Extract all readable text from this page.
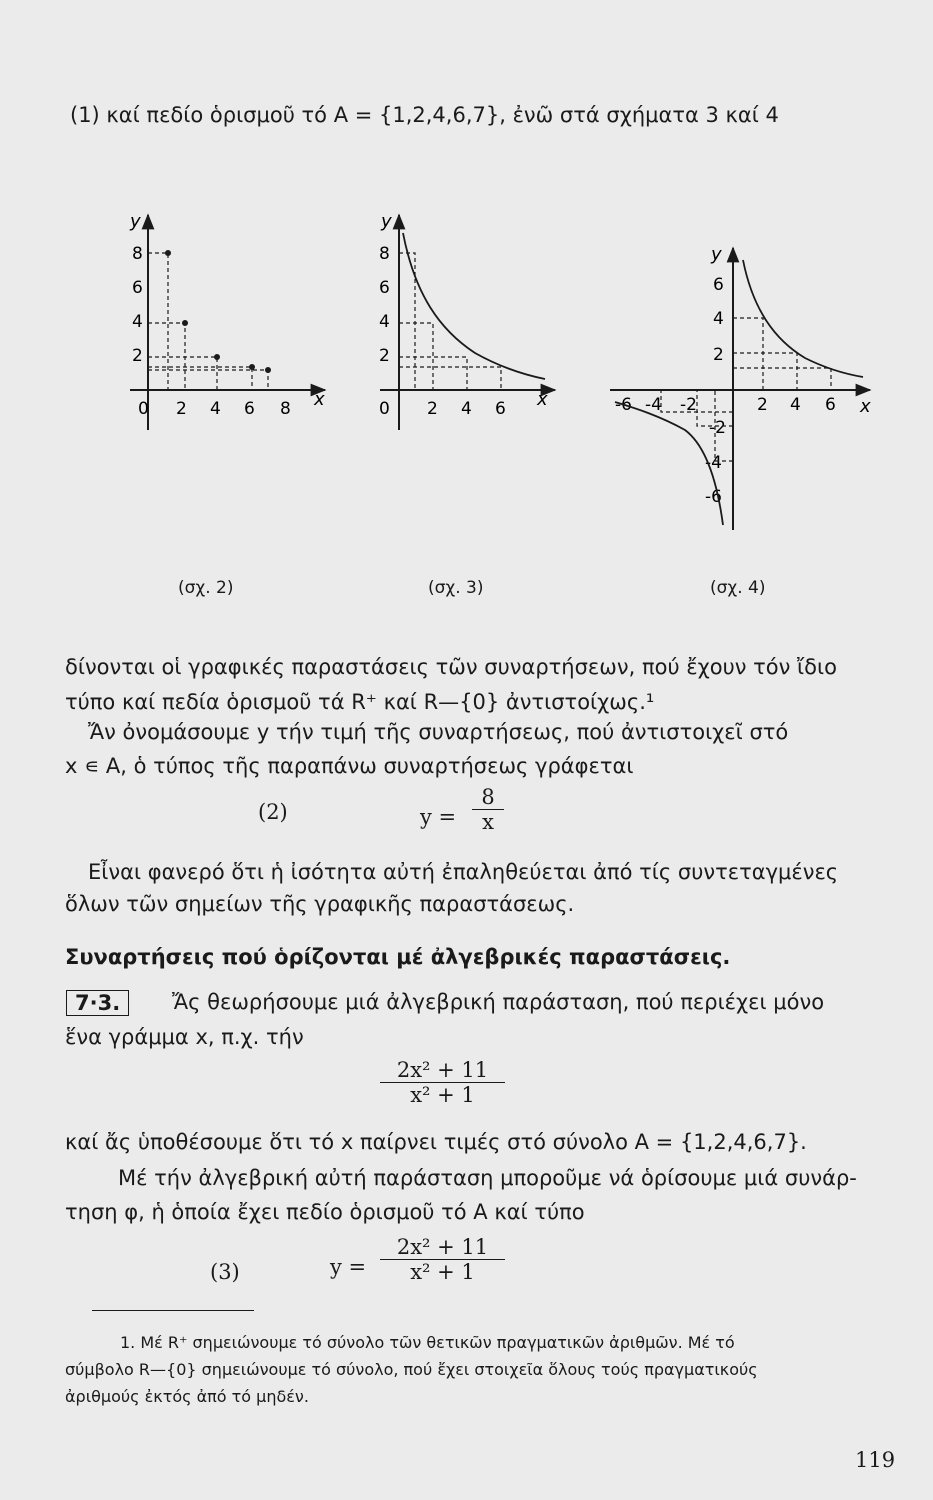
(1) καί πεδίο ὁρισμοῦ τό A = {1,2,4,6,7}, ἐνῶ στά σχήματα 3 καί 4
y
x
8
6
4
2
0 2 4 6 8
(σχ. 2)
y
x
8
6
4
2
0 2 4 6
(σχ. 3)
y
x
6
4
2
-2
-4
-6
-6 -4 -2	2 4 6
(σχ. 4)
δίνονται οἱ γραφικές παραστάσεις τῶν συναρτήσεων, πού ἔχουν τόν ἴδιο
τύπο καί πεδία ὁρισμοῦ τά R⁺ καί R—{0} ἀντιστοίχως.¹
Ἄν ὀνομάσουμε y τήν τιμή τῆς συναρτήσεως, πού ἀντιστοιχεῖ στό
x ∊ A, ὁ τύπος τῆς παραπάνω συναρτήσεως γράφεται
(2)	$y = \frac{8}{x}$
Εἶναι φανερό ὅτι ἡ ἰσότητα αὐτή ἐπαληθεύεται ἀπό τίς συντεταγμένες
ὅλων τῶν σημείων τῆς γραφικῆς παραστάσεως.
Συναρτήσεις πού ὁρίζονται μέ ἀλγεβρικές παραστάσεις.
7·3.	Ἄς θεωρήσουμε μιά ἀλγεβρική παράσταση, πού περιέχει μόνο
ἕνα γράμμα x, π.χ. τήν
$\frac{\text{2x² + 11}}{\text{x² + 1}}$
καί ἄς ὑποθέσουμε ὅτι τό x παίρνει τιμές στό σύνολο A = {1,2,4,6,7}.
Μέ τήν ἀλγεβρική αὐτή παράσταση μποροῦμε νά ὁρίσουμε μιά συνάρ-
τηση φ, ἡ ὁποία ἔχει πεδίο ὁρισμοῦ τό A καί τύπο
(3)	$y = \frac{\text{2x² + 11}}{\text{x² + 1}}$
1. Μέ R⁺ σημειώνουμε τό σύνολο τῶν θετικῶν πραγματικῶν ἀριθμῶν. Μέ τό
σύμβολο R—{0} σημειώνουμε τό σύνολο, πού ἔχει στοιχεῖα ὅλους τούς πραγματικούς
ἀριθμούς ἐκτός ἀπό τό μηδέν.
119
